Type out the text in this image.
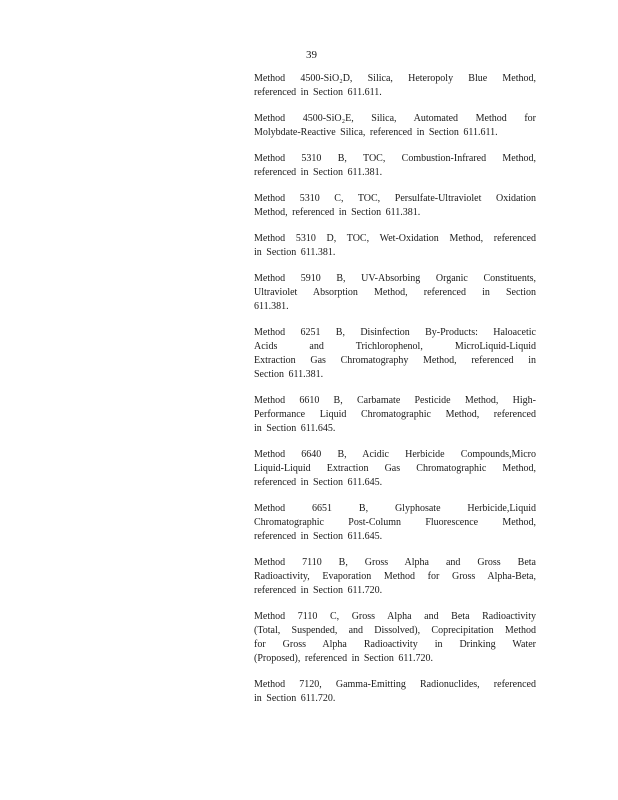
39
Method 4500-SiO₂D, Silica, Heteropoly Blue Method,
referenced in Section 611.611.
Method 4500-SiO₂E, Silica, Automated Method for
Molybdate-Reactive Silica, referenced in Section 611.611.
Method 5310 B, TOC, Combustion-Infrared Method,
referenced in Section 611.381.
Method 5310 C, TOC, Persulfate-Ultraviolet Oxidation
Method, referenced in Section 611.381.
Method 5310 D, TOC, Wet-Oxidation Method, referenced
in Section 611.381.
Method 5910 B, UV-Absorbing Organic Constituents,
Ultraviolet Absorption Method, referenced in Section
611.381.
Method 6251 B, Disinfection By-Products: Haloacetic
Acids and Trichlorophenol, MicroLiquid-Liquid
Extraction Gas Chromatography Method, referenced in
Section 611.381.
Method 6610 B, Carbamate Pesticide Method, High-
Performance Liquid Chromatographic Method, referenced
in Section 611.645.
Method 6640 B, Acidic Herbicide Compounds,Micro
Liquid-Liquid Extraction Gas Chromatographic Method,
referenced in Section 611.645.
Method 6651 B, Glyphosate Herbicide,Liquid
Chromatographic Post-Column Fluorescence Method,
referenced in Section 611.645.
Method 7110 B, Gross Alpha and Gross Beta
Radioactivity, Evaporation Method for Gross Alpha-Beta,
referenced in Section 611.720.
Method 7110 C, Gross Alpha and Beta Radioactivity
(Total, Suspended, and Dissolved), Coprecipitation Method
for Gross Alpha Radioactivity in Drinking Water
(Proposed), referenced in Section 611.720.
Method 7120, Gamma-Emitting Radionuclides, referenced
in Section 611.720.
